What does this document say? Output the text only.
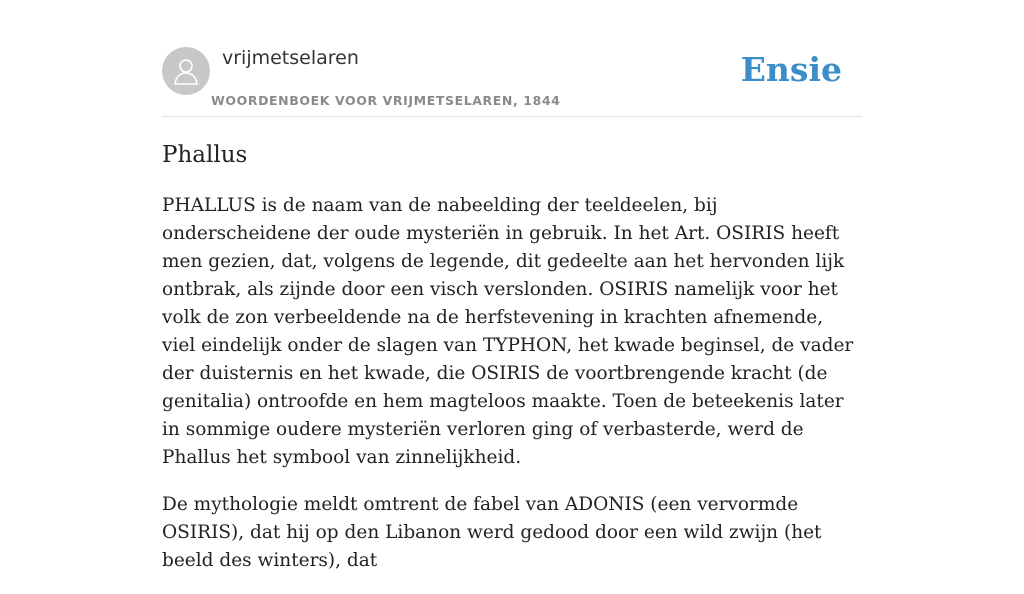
vrijmetselaren
WOORDENBOEK VOOR VRIJMETSELAREN, 1844
Ensie
Phallus

PHALLUS is de naam van de nabeelding der teeldeelen, bij onderscheidene der oude mysteriën in gebruik. In het Art. OSIRIS heeft men gezien, dat, volgens de legende, dit gedeelte aan het hervonden lijk ontbrak, als zijnde door een visch verslonden. OSIRIS namelijk voor het volk de zon verbeeldende na de herfstevening in krachten afnemende, viel eindelijk onder de slagen van TYPHON, het kwade beginsel, de vader der duisternis en het kwade, die OSIRIS de voortbrengende kracht (de genitalia) ontroofde en hem magteloos maakte. Toen de beteekenis later in sommige oudere mysteriën verloren ging of verbasterde, werd de Phallus het symbool van zinnelijkheid.

De mythologie meldt omtrent de fabel van ADONIS (een vervormde OSIRIS), dat hij op den Libanon werd gedood door een wild zwijn (het beeld des winters), dat
